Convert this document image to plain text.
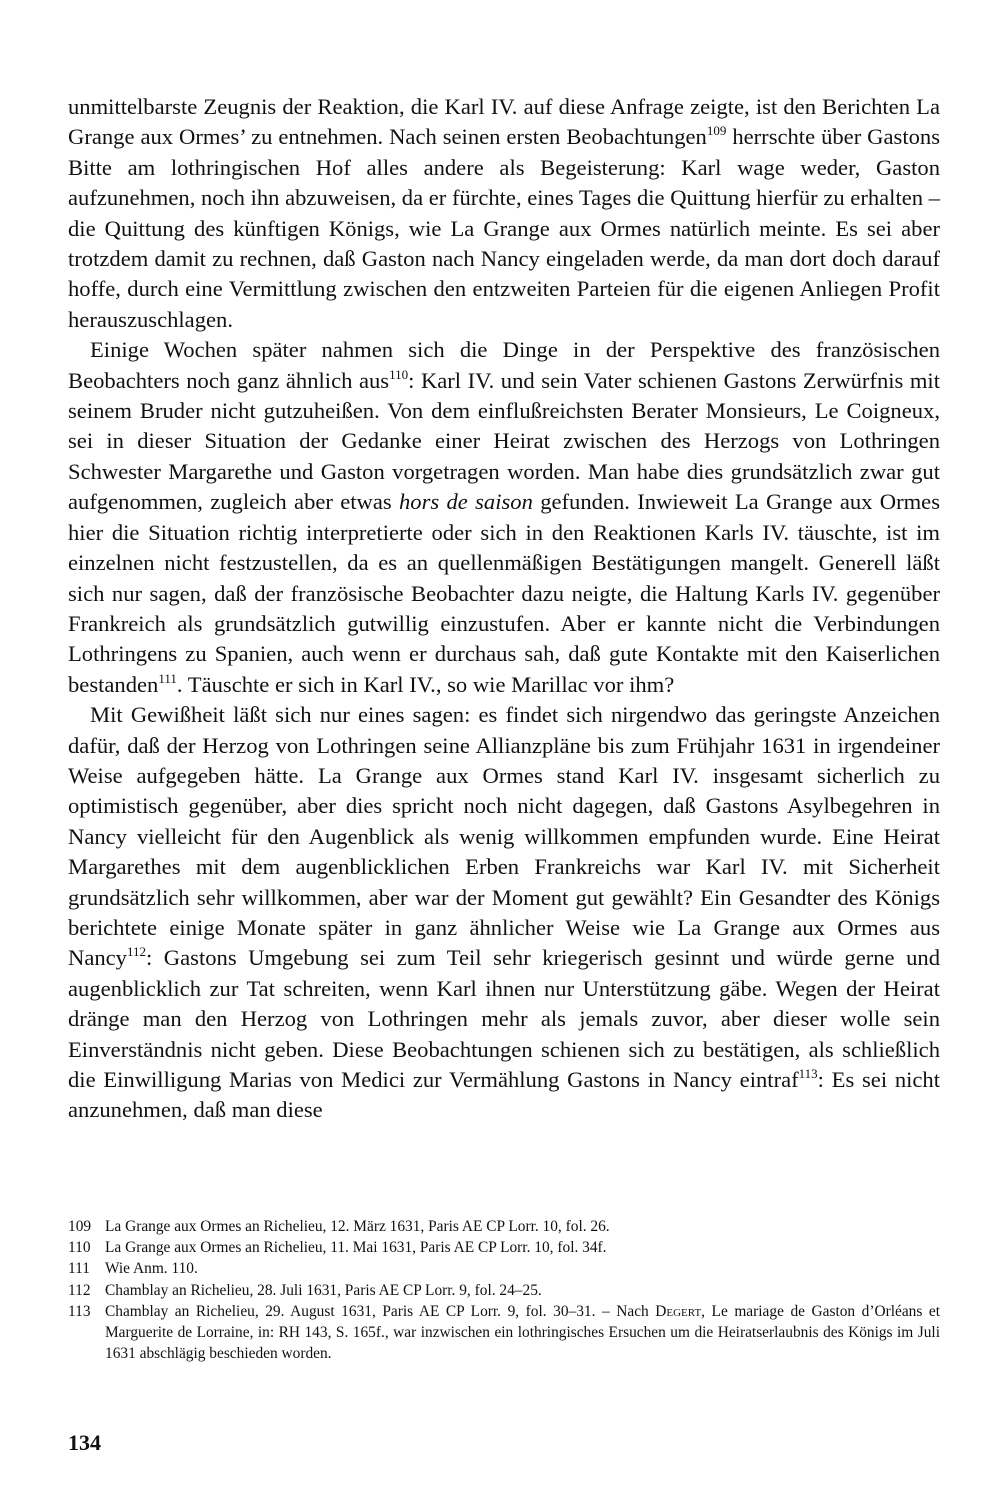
unmittelbarste Zeugnis der Reaktion, die Karl IV. auf diese Anfrage zeigte, ist den Berichten La Grange aux Ormes’ zu entnehmen. Nach seinen ersten Beobachtungen$^{109}$ herrschte über Gastons Bitte am lothringischen Hof alles andere als Begeisterung: Karl wage weder, Gaston aufzunehmen, noch ihn abzuweisen, da er fürchte, eines Tages die Quittung hierfür zu erhalten – die Quittung des künftigen Königs, wie La Grange aux Ormes natürlich meinte. Es sei aber trotzdem damit zu rechnen, daß Gaston nach Nancy eingeladen werde, da man dort doch darauf hoffe, durch eine Vermittlung zwischen den entzweiten Parteien für die eigenen Anliegen Profit herauszuschlagen.

Einige Wochen später nahmen sich die Dinge in der Perspektive des französischen Beobachters noch ganz ähnlich aus$^{110}$: Karl IV. und sein Vater schienen Gastons Zerwürfnis mit seinem Bruder nicht gutzuheißen. Von dem einflußreichsten Berater Monsieurs, Le Coigneux, sei in dieser Situation der Gedanke einer Heirat zwischen des Herzogs von Lothringen Schwester Margarethe und Gaston vorgetragen worden. Man habe dies grundsätzlich zwar gut aufgenommen, zugleich aber etwas hors de saison gefunden. Inwieweit La Grange aux Ormes hier die Situation richtig interpretierte oder sich in den Reaktionen Karls IV. täuschte, ist im einzelnen nicht festzustellen, da es an quellenmäßigen Bestätigungen mangelt. Generell läßt sich nur sagen, daß der französische Beobachter dazu neigte, die Haltung Karls IV. gegenüber Frankreich als grundsätzlich gutwillig einzustufen. Aber er kannte nicht die Verbindungen Lothringens zu Spanien, auch wenn er durchaus sah, daß gute Kontakte mit den Kaiserlichen bestanden$^{111}$. Täuschte er sich in Karl IV., so wie Marillac vor ihm?

Mit Gewißheit läßt sich nur eines sagen: es findet sich nirgendwo das geringste Anzeichen dafür, daß der Herzog von Lothringen seine Allianzpläne bis zum Frühjahr 1631 in irgendeiner Weise aufgegeben hätte. La Grange aux Ormes stand Karl IV. insgesamt sicherlich zu optimistisch gegenüber, aber dies spricht noch nicht dagegen, daß Gastons Asylbegehren in Nancy vielleicht für den Augenblick als wenig willkommen empfunden wurde. Eine Heirat Margarethes mit dem augenblicklichen Erben Frankreichs war Karl IV. mit Sicherheit grundsätzlich sehr willkommen, aber war der Moment gut gewählt? Ein Gesandter des Königs berichtete einige Monate später in ganz ähnlicher Weise wie La Grange aux Ormes aus Nancy$^{112}$: Gastons Umgebung sei zum Teil sehr kriegerisch gesinnt und würde gerne und augenblicklich zur Tat schreiten, wenn Karl ihnen nur Unterstützung gäbe. Wegen der Heirat dränge man den Herzog von Lothringen mehr als jemals zuvor, aber dieser wolle sein Einverständnis nicht geben. Diese Beobachtungen schienen sich zu bestätigen, als schließlich die Einwilligung Marias von Medici zur Vermählung Gastons in Nancy eintraf$^{113}$: Es sei nicht anzunehmen, daß man diese

109 La Grange aux Ormes an Richelieu, 12. März 1631, Paris AE CP Lorr. 10, fol. 26.
110 La Grange aux Ormes an Richelieu, 11. Mai 1631, Paris AE CP Lorr. 10, fol. 34f.
111 Wie Anm. 110.
112 Chamblay an Richelieu, 28. Juli 1631, Paris AE CP Lorr. 9, fol. 24–25.
113 Chamblay an Richelieu, 29. August 1631, Paris AE CP Lorr. 9, fol. 30–31. – Nach Degert, Le mariage de Gaston d’Orléans et Marguerite de Lorraine, in: RH 143, S. 165f., war inzwischen ein lothringisches Ersuchen um die Heiratserlaubnis des Königs im Juli 1631 abschlägig beschieden worden.
134
